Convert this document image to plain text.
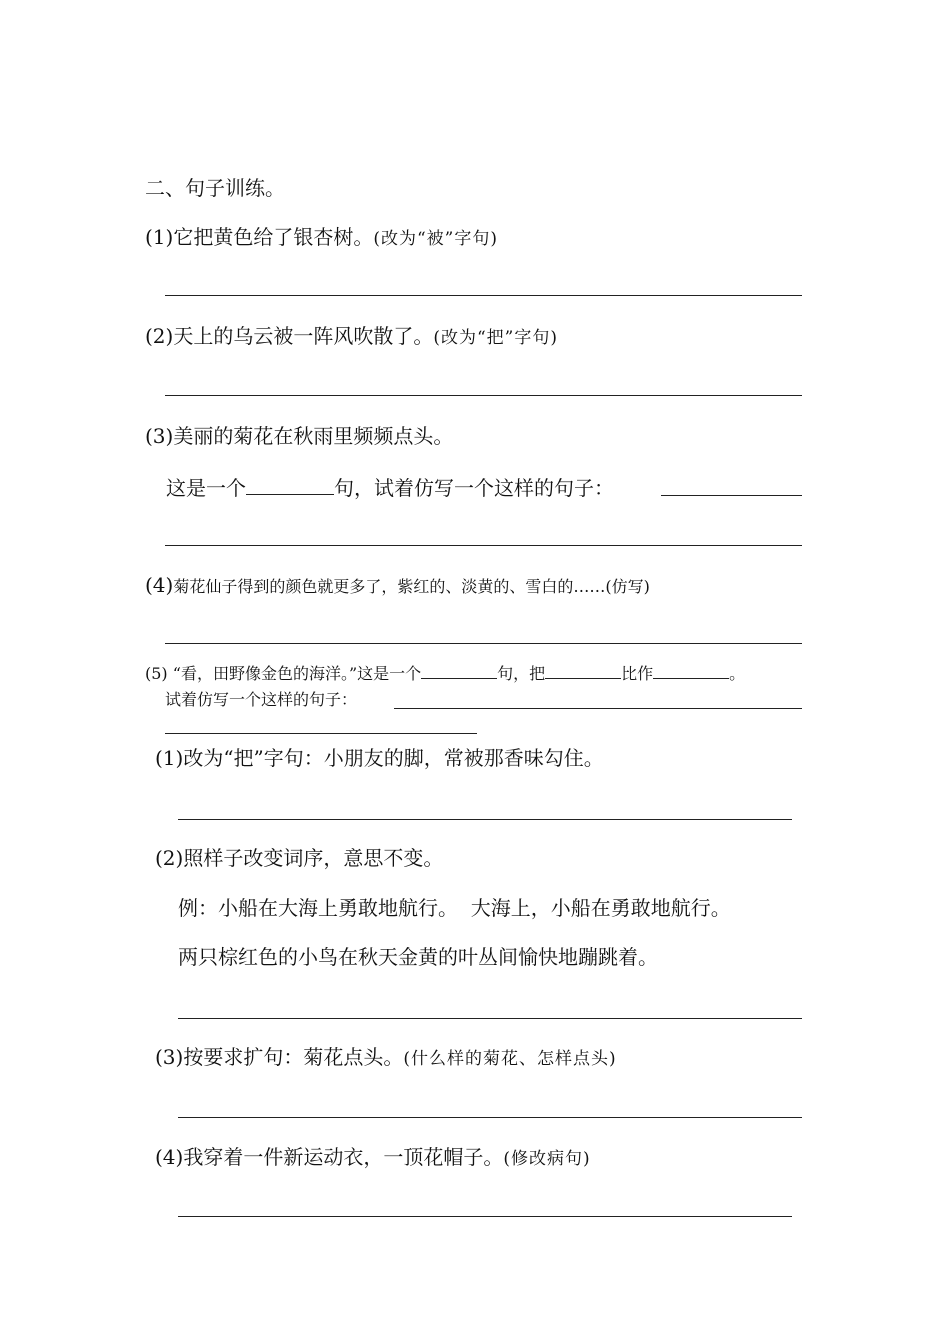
二、句子训练。
(1)它把黄色给了银杏树。(改为“被”字句)
(2)天上的乌云被一阵风吹散了。(改为“把”字句)
(3)美丽的菊花在秋雨里频频点头。
这是一个	句，试着仿写一个这样的句子：
(4)菊花仙子得到的颜色就更多了，紫红的、淡黄的、雪白的……(仿写)
(5) “看，田野像金色的海洋。”这是一个	句，把	比作	。
试着仿写一个这样的句子：
(1)改为“把”字句：小朋友的脚，常被那香味勾住。
(2)照样子改变词序，意思不变。
例：小船在大海上勇敢地航行。  大海上，小船在勇敢地航行。
两只棕红色的小鸟在秋天金黄的叶丛间愉快地蹦跳着。
(3)按要求扩句：菊花点头。(什么样的菊花、怎样点头)
(4)我穿着一件新运动衣，一顶花帽子。(修改病句)
